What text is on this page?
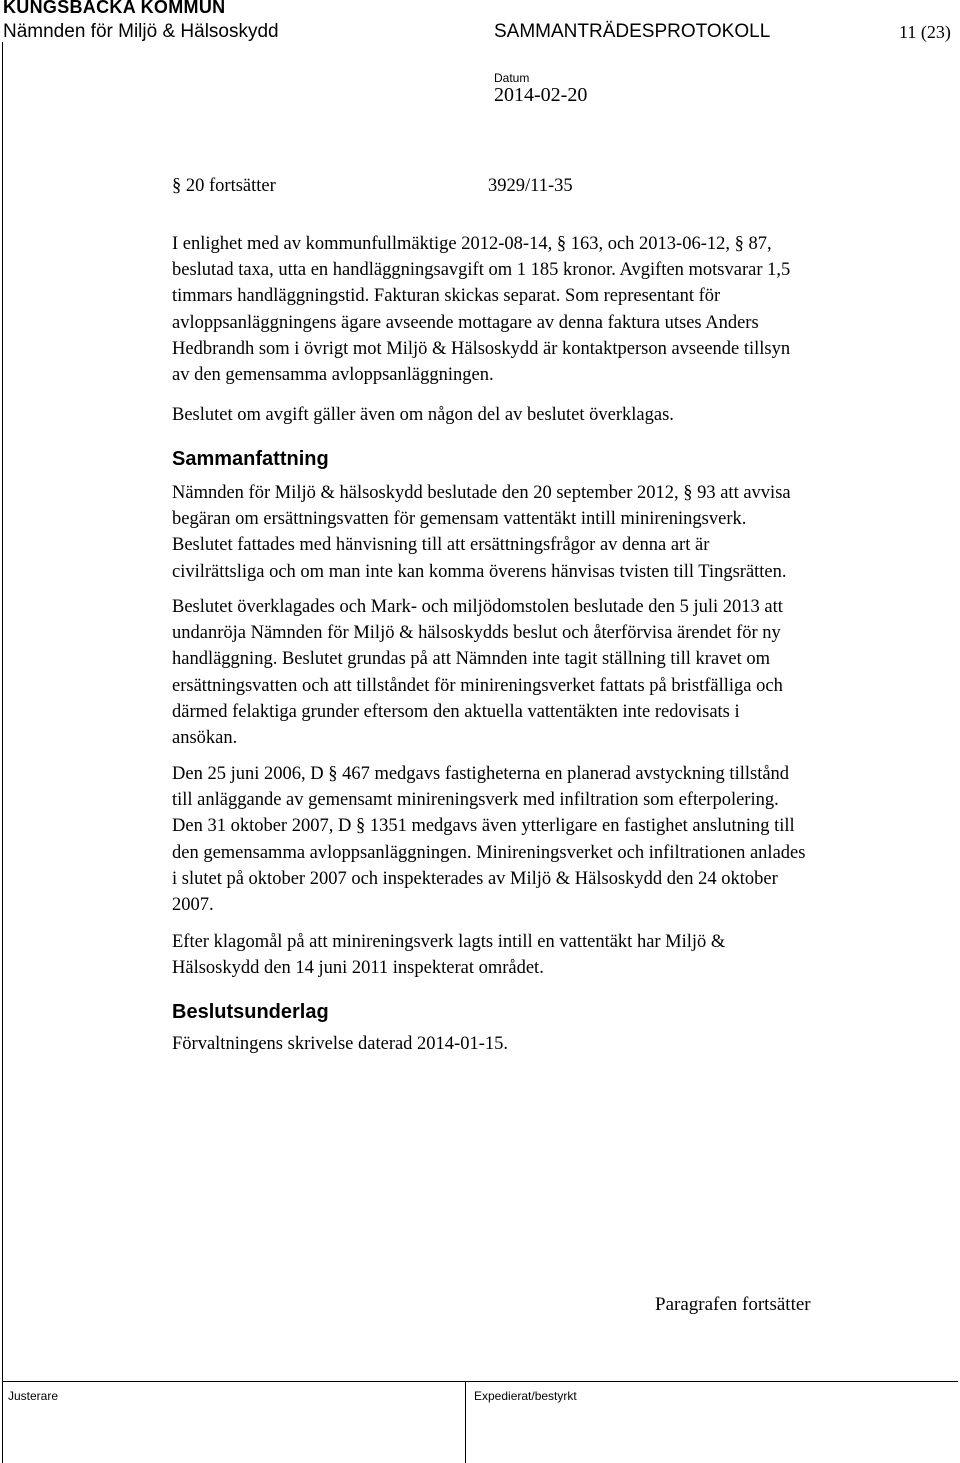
KUNGSBACKA KOMMUN
Nämnden för Miljö & Hälsoskydd	SAMMANTRÄDESPROTOKOLL	11 (23)
Datum
2014-02-20
§ 20 fortsätter	3929/11-35

I enlighet med av kommunfullmäktige 2012-08-14, § 163, och 2013-06-12, § 87,

beslutad taxa, utta en handläggningsavgift om 1 185 kronor. Avgiften motsvarar 1,5

timmars handläggningstid. Fakturan skickas separat. Som representant för

avloppsanläggningens ägare avseende mottagare av denna faktura utses Anders

Hedbrandh som i övrigt mot Miljö & Hälsoskydd är kontaktperson avseende tillsyn

av den gemensamma avloppsanläggningen.

Beslutet om avgift gäller även om någon del av beslutet överklagas.

Sammanfattning

Nämnden för Miljö & hälsoskydd beslutade den 20 september 2012, § 93 att avvisa

begäran om ersättningsvatten för gemensam vattentäkt intill minireningsverk.

Beslutet fattades med hänvisning till att ersättningsfrågor av denna art är

civilrättsliga och om man inte kan komma överens hänvisas tvisten till Tingsrätten.

Beslutet överklagades och Mark- och miljödomstolen beslutade den 5 juli 2013 att

undanröja Nämnden för Miljö & hälsoskydds beslut och återförvisa ärendet för ny

handläggning. Beslutet grundas på att Nämnden inte tagit ställning till kravet om

ersättningsvatten och att tillståndet för minireningsverket fattats på bristfälliga och

därmed felaktiga grunder eftersom den aktuella vattentäkten inte redovisats i

ansökan.

Den 25 juni 2006, D § 467 medgavs fastigheterna en planerad avstyckning tillstånd

till anläggande av gemensamt minireningsverk med infiltration som efterpolering.

Den 31 oktober 2007, D § 1351 medgavs även ytterligare en fastighet anslutning till

den gemensamma avloppsanläggningen. Minireningsverket och infiltrationen anlades

i slutet på oktober 2007 och inspekterades av Miljö & Hälsoskydd den 24 oktober

2007.

Efter klagomål på att minireningsverk lagts intill en vattentäkt har Miljö &

Hälsoskydd den 14 juni 2011 inspekterat området.

Beslutsunderlag

Förvaltningens skrivelse daterad 2014-01-15.

Paragrafen fortsätter
Justerare	Expedierat/bestyrkt
